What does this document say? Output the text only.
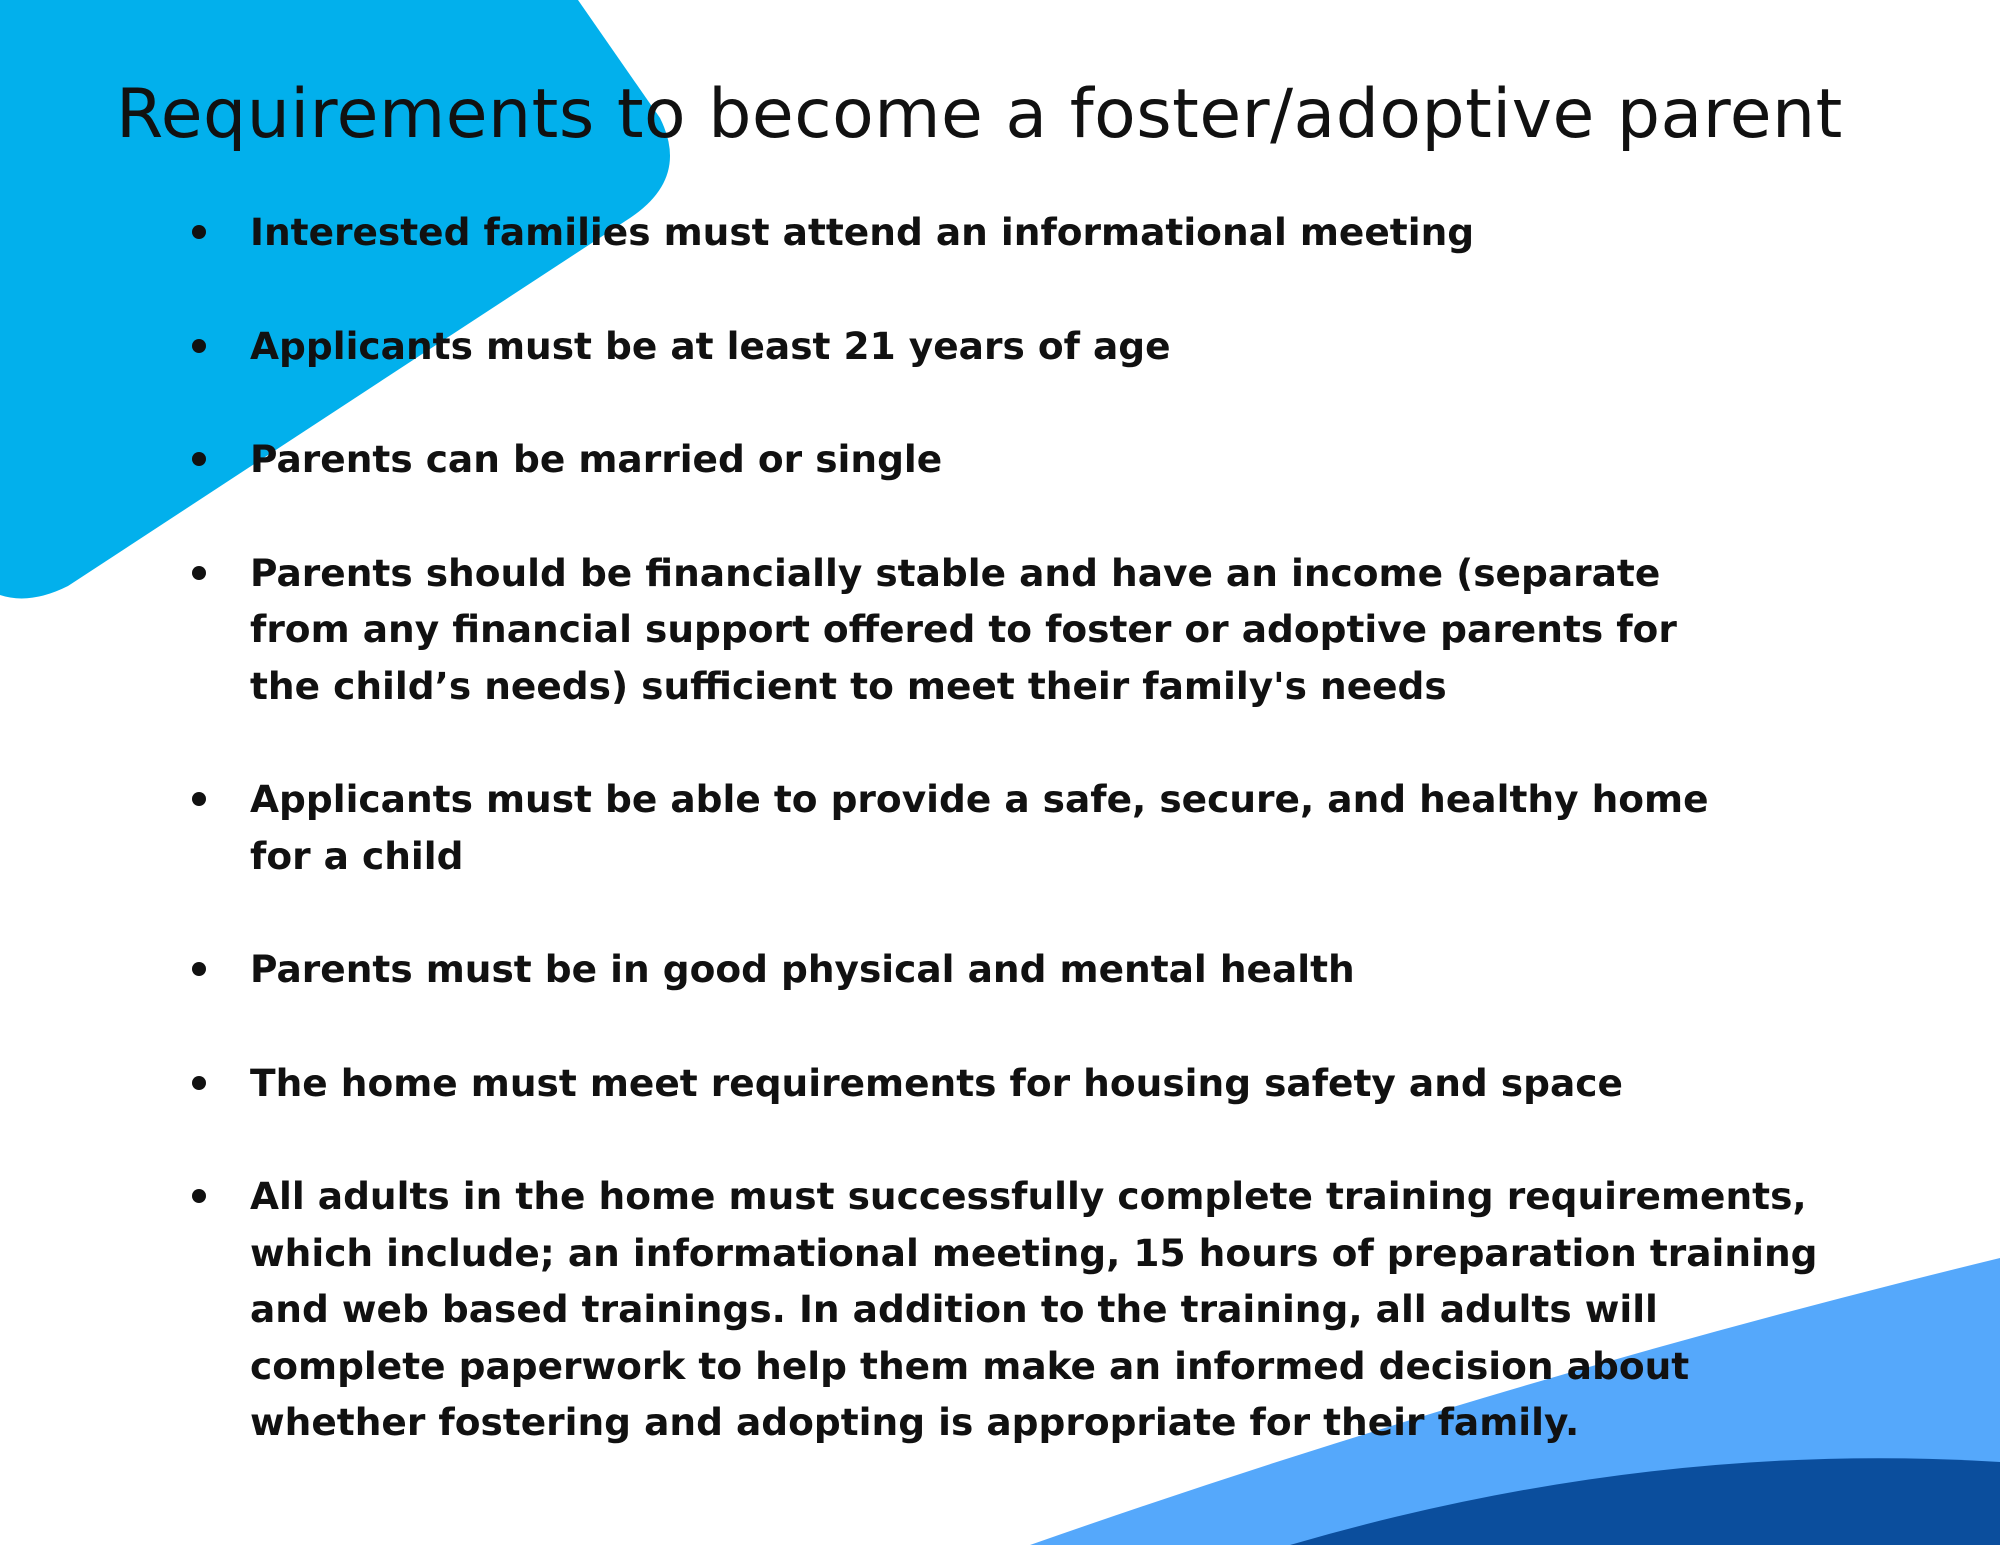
Requirements to become a foster/adoptive parent
Interested families must attend an informational meeting
Applicants must be at least 21 years of age
Parents can be married or single
Parents should be financially stable and have an income (separate from any financial support offered to foster or adoptive parents for the child’s needs) sufficient to meet their family's needs
Applicants must be able to provide a safe, secure, and healthy home for a child
Parents must be in good physical and mental health
The home must meet requirements for housing safety and space
All adults in the home must successfully complete training requirements, which include; an informational meeting, 15 hours of preparation training and web based trainings. In addition to the training, all adults will complete paperwork to help them make an informed decision about whether fostering and adopting is appropriate for their family.
